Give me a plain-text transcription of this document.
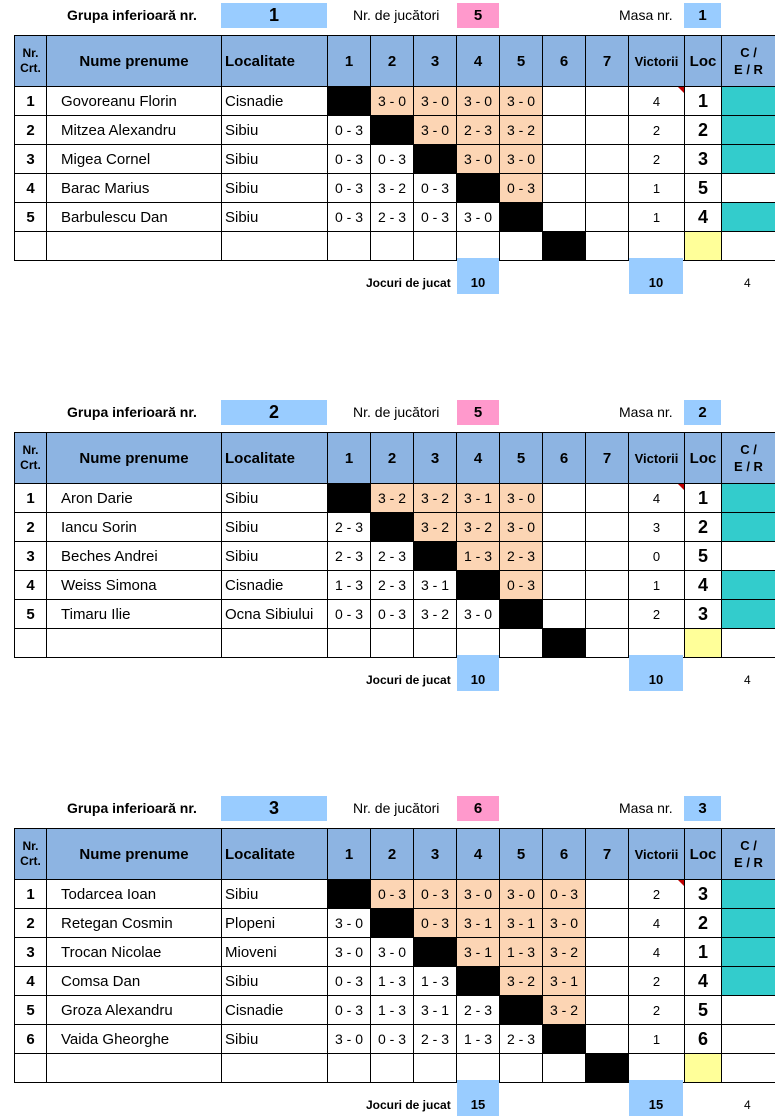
Grupa inferioară nr.	1	Nr. de jucători	5	Masa nr.	1
Nr.
Crt.	Nume prenume	Localitate	1	2	3	4	5	6	7	Victorii	Loc	C /
E / R
1	Govoreanu Florin	Cisnadie		3 - 0	3 - 0	3 - 0	3 - 0			4	1	
2	Mitzea Alexandru	Sibiu	0 - 3		3 - 0	2 - 3	3 - 2			2	2	
3	Migea Cornel	Sibiu	0 - 3	0 - 3		3 - 0	3 - 0			2	3	
4	Barac Marius	Sibiu	0 - 3	3 - 2	0 - 3		0 - 3			1	5	
5	Barbulescu Dan	Sibiu	0 - 3	2 - 3	0 - 3	3 - 0				1	4	

Jocuri de jucat	10	10	4
Grupa inferioară nr.	2	Nr. de jucători	5	Masa nr.	2
Nr.
Crt.	Nume prenume	Localitate	1	2	3	4	5	6	7	Victorii	Loc	C /
E / R
1	Aron Darie	Sibiu		3 - 2	3 - 2	3 - 1	3 - 0			4	1	
2	Iancu Sorin	Sibiu	2 - 3		3 - 2	3 - 2	3 - 0			3	2	
3	Beches Andrei	Sibiu	2 - 3	2 - 3		1 - 3	2 - 3			0	5	
4	Weiss Simona	Cisnadie	1 - 3	2 - 3	3 - 1		0 - 3			1	4	
5	Timaru Ilie	Ocna Sibiului	0 - 3	0 - 3	3 - 2	3 - 0				2	3	

Jocuri de jucat	10	10	4
Grupa inferioară nr.	3	Nr. de jucători	6	Masa nr.	3
Nr.
Crt.	Nume prenume	Localitate	1	2	3	4	5	6	7	Victorii	Loc	C /
E / R
1	Todarcea Ioan	Sibiu		0 - 3	0 - 3	3 - 0	3 - 0	0 - 3		2	3	
2	Retegan Cosmin	Plopeni	3 - 0		0 - 3	3 - 1	3 - 1	3 - 0		4	2	
3	Trocan Nicolae	Mioveni	3 - 0	3 - 0		3 - 1	1 - 3	3 - 2		4	1	
4	Comsa Dan	Sibiu	0 - 3	1 - 3	1 - 3		3 - 2	3 - 1		2	4	
5	Groza Alexandru	Cisnadie	0 - 3	1 - 3	3 - 1	2 - 3		3 - 2		2	5	
6	Vaida Gheorghe	Sibiu	3 - 0	0 - 3	2 - 3	1 - 3	2 - 3			1	6	

Jocuri de jucat	15	15	4
